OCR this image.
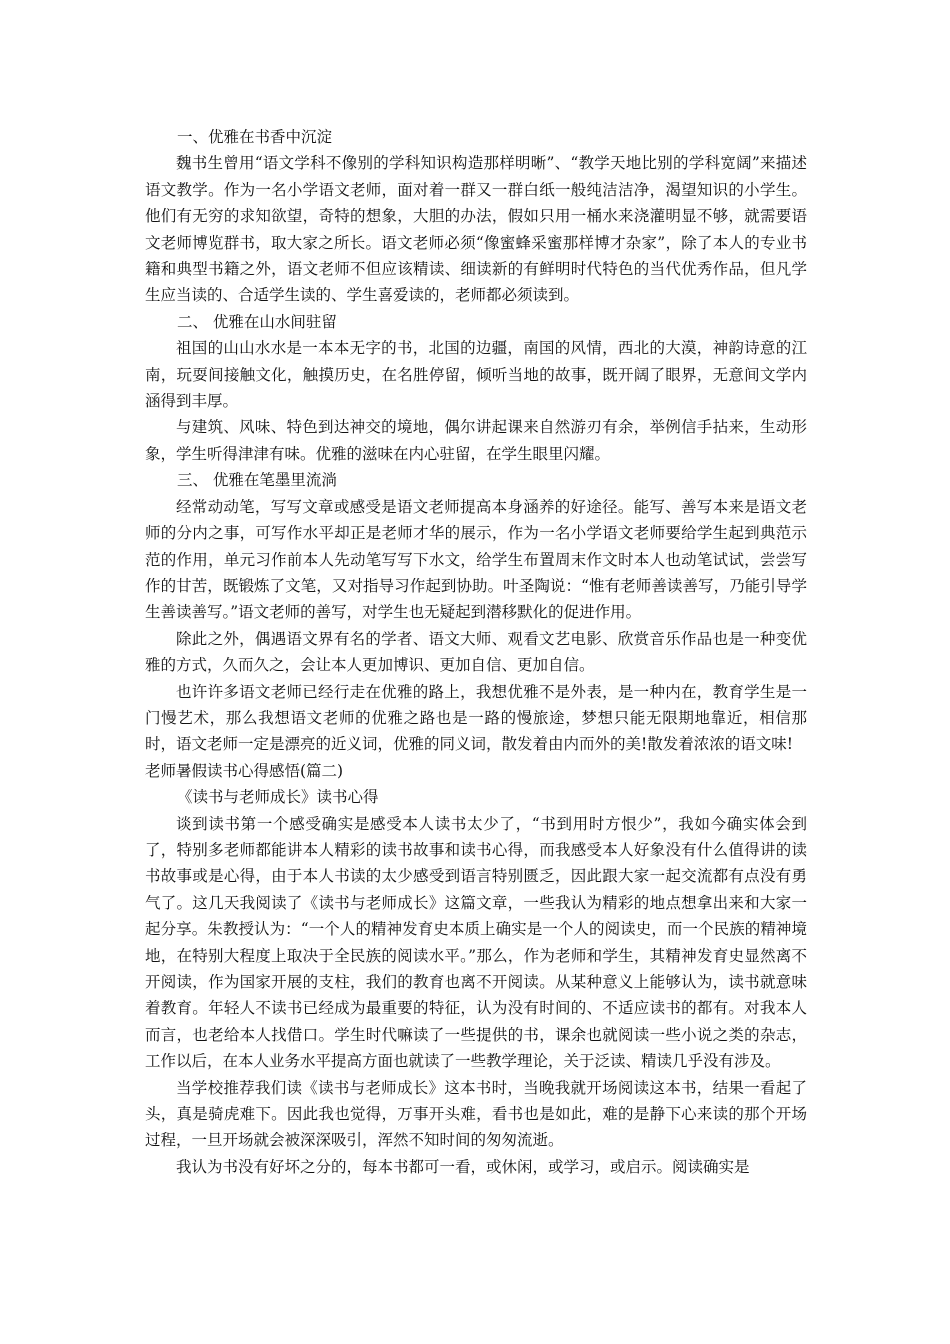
一、优雅在书香中沉淀

魏书生曾用“语文学科不像别的学科知识构造那样明晰”、“教学天地比别的学科宽阔”来描述语文教学。作为一名小学语文老师，面对着一群又一群白纸一般纯洁洁净，渴望知识的小学生。他们有无穷的求知欲望，奇特的想象，大胆的办法，假如只用一桶水来浇灌明显不够，就需要语文老师博览群书，取大家之所长。语文老师必须“像蜜蜂采蜜那样博才杂家”，除了本人的专业书籍和典型书籍之外，语文老师不但应该精读、细读新的有鲜明时代特色的当代优秀作品，但凡学生应当读的、合适学生读的、学生喜爱读的，老师都必须读到。

二、 优雅在山水间驻留

祖国的山山水水是一本本无字的书，北国的边疆，南国的风情，西北的大漠，神韵诗意的江南，玩耍间接触文化，触摸历史，在名胜停留，倾听当地的故事，既开阔了眼界，无意间文学内涵得到丰厚。

与建筑、风味、特色到达神交的境地，偶尔讲起课来自然游刃有余，举例信手拈来，生动形象，学生听得津津有味。优雅的滋味在内心驻留，在学生眼里闪耀。

三、 优雅在笔墨里流淌

经常动动笔，写写文章或感受是语文老师提高本身涵养的好途径。能写、善写本来是语文老师的分内之事，可写作水平却正是老师才华的展示，作为一名小学语文老师要给学生起到典范示范的作用，单元习作前本人先动笔写写下水文，给学生布置周末作文时本人也动笔试试，尝尝写作的甘苦，既锻炼了文笔，又对指导习作起到协助。叶圣陶说：“惟有老师善读善写，乃能引导学生善读善写。”语文老师的善写，对学生也无疑起到潜移默化的促进作用。

除此之外，偶遇语文界有名的学者、语文大师、观看文艺电影、欣赏音乐作品也是一种变优雅的方式，久而久之，会让本人更加博识、更加自信、更加自信。

也许许多语文老师已经行走在优雅的路上，我想优雅不是外表，是一种内在，教育学生是一门慢艺术，那么我想语文老师的优雅之路也是一路的慢旅途，梦想只能无限期地靠近，相信那时，语文老师一定是漂亮的近义词，优雅的同义词，散发着由内而外的美!散发着浓浓的语文味!

老师暑假读书心得感悟(篇二)

《读书与老师成长》读书心得

谈到读书第一个感受确实是感受本人读书太少了，“书到用时方恨少”，我如今确实体会到了，特别多老师都能讲本人精彩的读书故事和读书心得，而我感受本人好象没有什么值得讲的读书故事或是心得，由于本人书读的太少感受到语言特别匮乏，因此跟大家一起交流都有点没有勇气了。这几天我阅读了《读书与老师成长》这篇文章，一些我认为精彩的地点想拿出来和大家一起分享。朱教授认为：“一个人的精神发育史本质上确实是一个人的阅读史，而一个民族的精神境地，在特别大程度上取决于全民族的阅读水平。”那么，作为老师和学生，其精神发育史显然离不开阅读，作为国家开展的支柱，我们的教育也离不开阅读。从某种意义上能够认为，读书就意味着教育。年轻人不读书已经成为最重要的特征，认为没有时间的、不适应读书的都有。对我本人而言，也老给本人找借口。学生时代嘛读了一些提供的书，课余也就阅读一些小说之类的杂志，工作以后，在本人业务水平提高方面也就读了一些教学理论，关于泛读、精读几乎没有涉及。

当学校推荐我们读《读书与老师成长》这本书时，当晚我就开场阅读这本书，结果一看起了头，真是骑虎难下。因此我也觉得，万事开头难，看书也是如此，难的是静下心来读的那个开场过程，一旦开场就会被深深吸引，浑然不知时间的匆匆流逝。

我认为书没有好坏之分的，每本书都可一看，或休闲，或学习，或启示。阅读确实是
